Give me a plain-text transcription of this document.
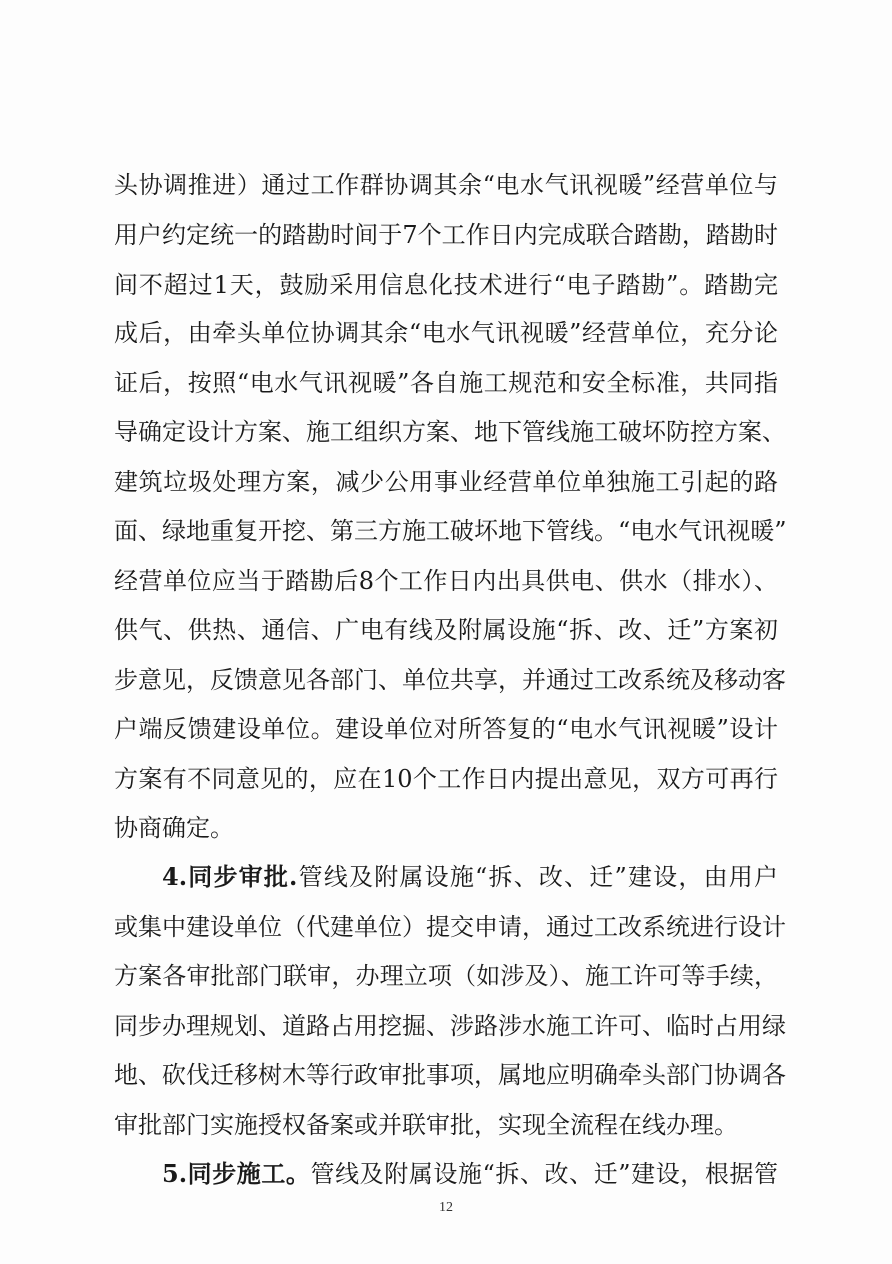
头协调推进）通过工作群协调其余“电水气讯视暖”经营单位与
用户约定统一的踏勘时间于7个工作日内完成联合踏勘，踏勘时
间不超过1天，鼓励采用信息化技术进行“电子踏勘”。踏勘完
成后，由牵头单位协调其余“电水气讯视暖”经营单位，充分论
证后，按照“电水气讯视暖”各自施工规范和安全标准，共同指
导确定设计方案、施工组织方案、地下管线施工破坏防控方案、
建筑垃圾处理方案，减少公用事业经营单位单独施工引起的路
面、绿地重复开挖、第三方施工破坏地下管线。“电水气讯视暖”
经营单位应当于踏勘后8个工作日内出具供电、供水（排水）、
供气、供热、通信、广电有线及附属设施“拆、改、迁”方案初
步意见，反馈意见各部门、单位共享，并通过工改系统及移动客
户端反馈建设单位。建设单位对所答复的“电水气讯视暖”设计
方案有不同意见的，应在10个工作日内提出意见，双方可再行
协商确定。
4.同步审批.管线及附属设施“拆、改、迁”建设，由用户
或集中建设单位（代建单位）提交申请，通过工改系统进行设计
方案各审批部门联审，办理立项（如涉及）、施工许可等手续，
同步办理规划、道路占用挖掘、涉路涉水施工许可、临时占用绿
地、砍伐迁移树木等行政审批事项，属地应明确牵头部门协调各
审批部门实施授权备案或并联审批，实现全流程在线办理。
5.同步施工。管线及附属设施“拆、改、迁”建设，根据管
12
